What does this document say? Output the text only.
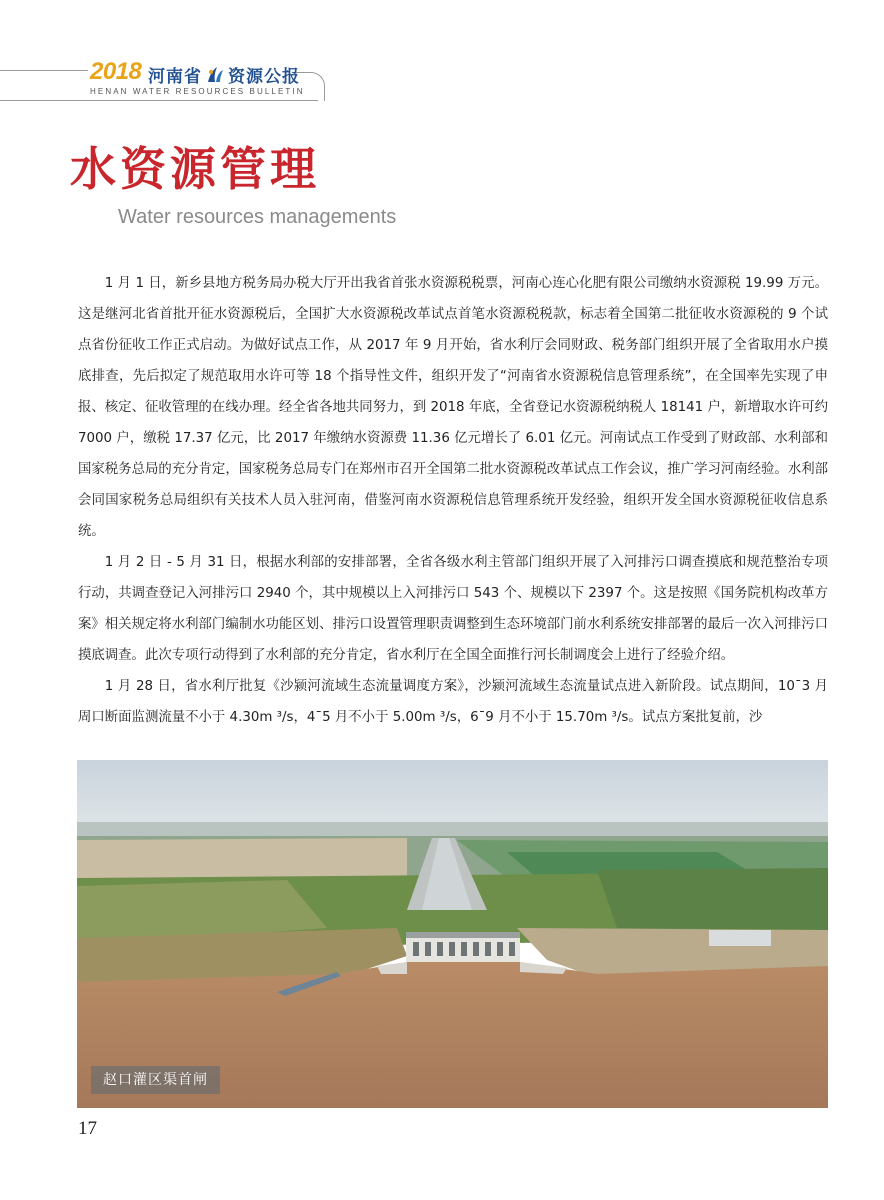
2018 河南省 资源公报
HENAN WATER RESOURCES BULLETIN
水资源管理
Water resources managements

1 月 1 日，新乡县地方税务局办税大厅开出我省首张水资源税税票，河南心连心化肥有限公司缴纳水资源税 19.99 万元。这是继河北省首批开征水资源税后，全国扩大水资源税改革试点首笔水资源税税款，标志着全国第二批征收水资源税的 9 个试点省份征收工作正式启动。为做好试点工作，从 2017 年 9 月开始，省水利厅会同财政、税务部门组织开展了全省取用水户摸底排查，先后拟定了规范取用水许可等 18 个指导性文件，组织开发了“河南省水资源税信息管理系统”，在全国率先实现了申报、核定、征收管理的在线办理。经全省各地共同努力，到 2018 年底，全省登记水资源税纳税人 18141 户，新增取水许可约 7000 户，缴税 17.37 亿元，比 2017 年缴纳水资源费 11.36 亿元增长了 6.01 亿元。河南试点工作受到了财政部、水利部和国家税务总局的充分肯定，国家税务总局专门在郑州市召开全国第二批水资源税改革试点工作会议，推广学习河南经验。水利部会同国家税务总局组织有关技术人员入驻河南，借鉴河南水资源税信息管理系统开发经验，组织开发全国水资源税征收信息系统。

1 月 2 日 - 5 月 31 日，根据水利部的安排部署，全省各级水利主管部门组织开展了入河排污口调查摸底和规范整治专项行动，共调查登记入河排污口 2940 个，其中规模以上入河排污口 543 个、规模以下 2397 个。这是按照《国务院机构改革方案》相关规定将水利部门编制水功能区划、排污口设置管理职责调整到生态环境部门前水利系统安排部署的最后一次入河排污口摸底调查。此次专项行动得到了水利部的充分肯定，省水利厅在全国全面推行河长制调度会上进行了经验介绍。

1 月 28 日，省水利厅批复《沙颍河流域生态流量调度方案》，沙颍河流域生态流量试点进入新阶段。试点期间，10¯3 月周口断面监测流量不小于 4.30m ³/s，4¯5 月不小于 5.00m ³/s，6¯9 月不小于 15.70m ³/s。试点方案批复前，沙

赵口灌区渠首闸
17
